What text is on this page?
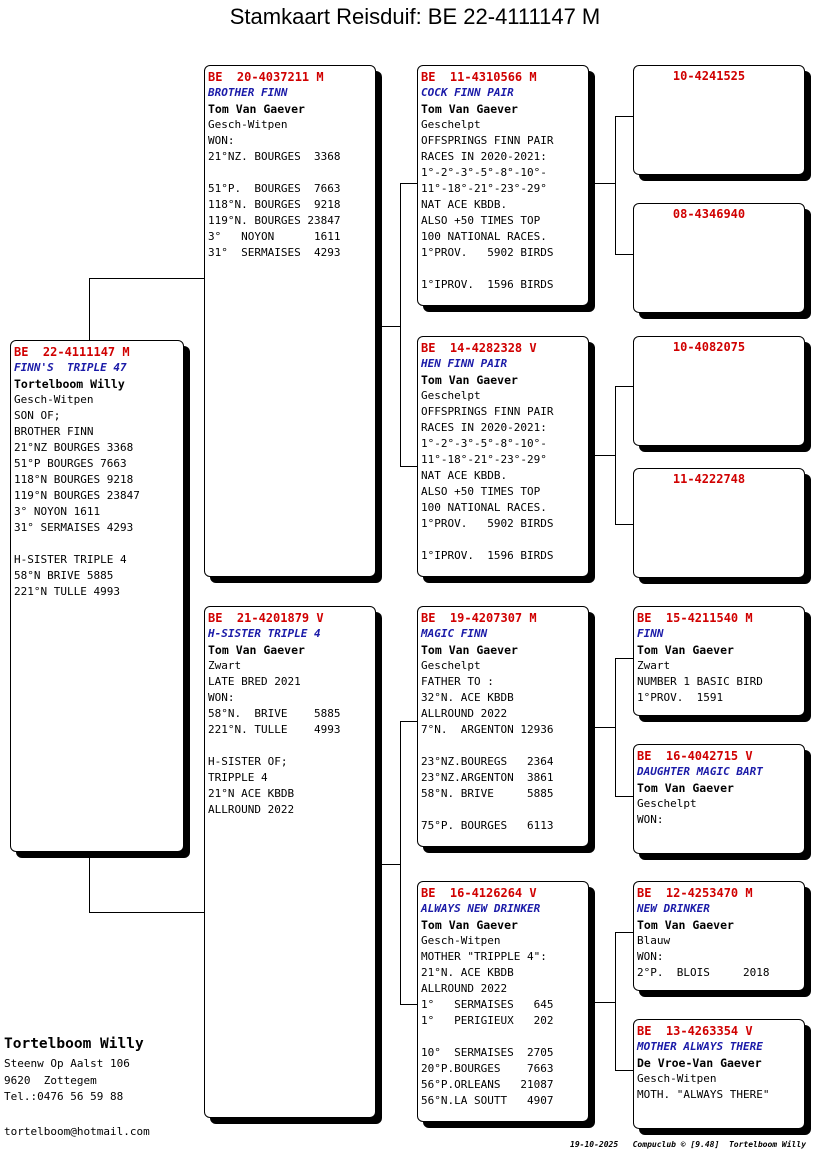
Stamkaart Reisduif: BE 22-4111147 M
BE  22-4111147 M
FINN'S  TRIPLE 47
Tortelboom Willy
Gesch-Witpen
SON OF;
BROTHER FINN
21°NZ BOURGES 3368
51°P BOURGES 7663
118°N BOURGES 9218
119°N BOURGES 23847
3° NOYON 1611
31° SERMAISES 4293
H-SISTER TRIPLE 4
58°N BRIVE 5885
221°N TULLE 4993
BE  20-4037211 M
BROTHER FINN
Tom Van Gaever
Gesch-Witpen
WON:
21°NZ. BOURGES  3368
51°P.  BOURGES  7663
118°N. BOURGES  9218
119°N. BOURGES 23847
3°   NOYON      1611
31°  SERMAISES  4293
BE  21-4201879 V
H-SISTER TRIPLE 4
Tom Van Gaever
Zwart
LATE BRED 2021
WON:
58°N.  BRIVE    5885
221°N. TULLE    4993
H-SISTER OF;
TRIPPLE 4
21°N ACE KBDB
ALLROUND 2022
BE  11-4310566 M
COCK FINN PAIR
Tom Van Gaever
Geschelpt
OFFSPRINGS FINN PAIR
RACES IN 2020-2021:
1°-2°-3°-5°-8°-10°-
11°-18°-21°-23°-29°
NAT ACE KBDB.
ALSO +50 TIMES TOP
100 NATIONAL RACES.
1°PROV.   5902 BIRDS
1°IPROV.  1596 BIRDS
BE  14-4282328 V
HEN FINN PAIR
Tom Van Gaever
Geschelpt
OFFSPRINGS FINN PAIR
RACES IN 2020-2021:
1°-2°-3°-5°-8°-10°-
11°-18°-21°-23°-29°
NAT ACE KBDB.
ALSO +50 TIMES TOP
100 NATIONAL RACES.
1°PROV.   5902 BIRDS
1°IPROV.  1596 BIRDS
BE  19-4207307 M
MAGIC FINN
Tom Van Gaever
Geschelpt
FATHER TO :
32°N. ACE KBDB
ALLROUND 2022
7°N.  ARGENTON 12936
23°NZ.BOUREGS   2364
23°NZ.ARGENTON  3861
58°N. BRIVE     5885
75°P. BOURGES   6113
BE  16-4126264 V
ALWAYS NEW DRINKER
Tom Van Gaever
Gesch-Witpen
MOTHER "TRIPPLE 4":
21°N. ACE KBDB
ALLROUND 2022
1°   SERMAISES   645
1°   PERIGIEUX   202
10°  SERMAISES  2705
20°P.BOURGES    7663
56°P.ORLEANS   21087
56°N.LA SOUTT   4907
10-4241525
08-4346940
10-4082075
11-4222748
BE  15-4211540 M
FINN
Tom Van Gaever
Zwart
NUMBER 1 BASIC BIRD
1°PROV.  1591
BE  16-4042715 V
DAUGHTER MAGIC BART
Tom Van Gaever
Geschelpt
WON:
BE  12-4253470 M
NEW DRINKER
Tom Van Gaever
Blauw
WON:
2°P.  BLOIS     2018
BE  13-4263354 V
MOTHER ALWAYS THERE
De Vroe-Van Gaever
Gesch-Witpen
MOTH. "ALWAYS THERE"
Tortelboom Willy
Steenw Op Aalst 106
9620  Zottegem
Tel.:0476 56 59 88
tortelboom@hotmail.com
19-10-2025   Compuclub © [9.48]  Tortelboom Willy
